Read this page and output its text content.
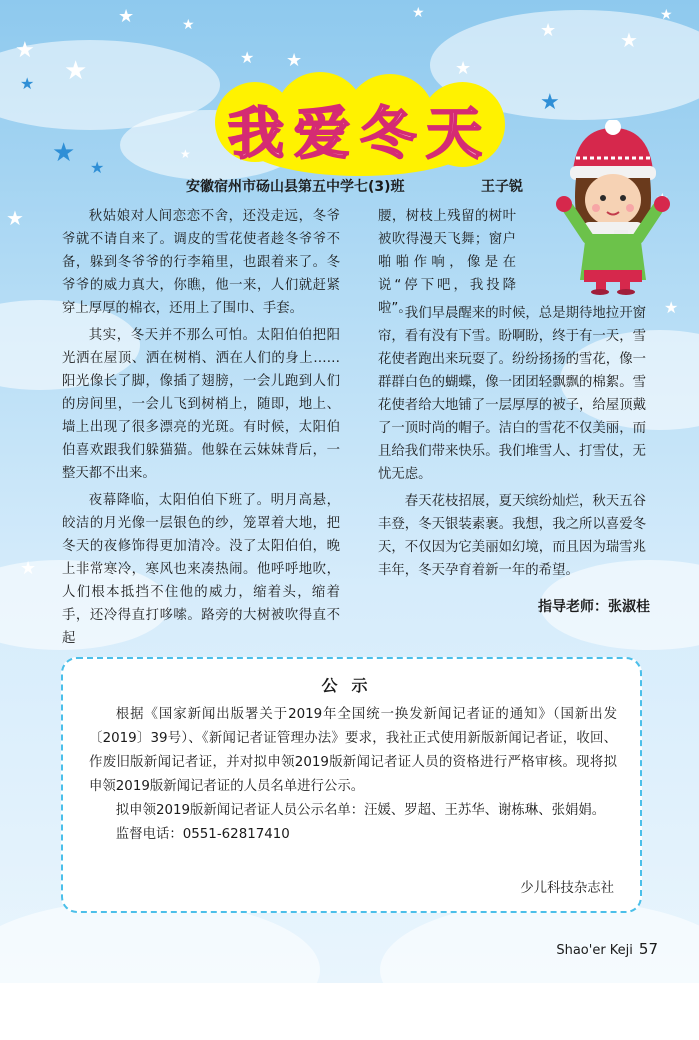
★
★
★	★
★ ★
★
★
★	★
★
★
★
★ ★
★
★
★
★
我爱冬天
安徽宿州市砀山县第五中学七(3)班	王子锐

秋姑娘对人间恋恋不舍，还没走远，冬爷爷就不请自来了。调皮的雪花使者趁冬爷爷不备，躲到冬爷爷的行李箱里，也跟着来了。冬爷爷的威力真大，你瞧，他一来，人们就赶紧穿上厚厚的棉衣，还用上了围巾、手套。

其实，冬天并不那么可怕。太阳伯伯把阳光洒在屋顶、洒在树梢、洒在人们的身上……阳光像长了脚，像插了翅膀，一会儿跑到人们的房间里，一会儿飞到树梢上，随即，地上、墙上出现了很多漂亮的光斑。有时候，太阳伯伯喜欢跟我们躲猫猫。他躲在云妹妹背后，一整天都不出来。

夜幕降临，太阳伯伯下班了。明月高悬，皎洁的月光像一层银色的纱，笼罩着大地，把冬天的夜修饰得更加清冷。没了太阳伯伯，晚上非常寒冷，寒风也来凑热闹。他呼呼地吹，人们根本抵挡不住他的威力，缩着头，缩着手，还冷得直打哆嗦。路旁的大树被吹得直不起

腰，树枝上残留的树叶被吹得漫天飞舞；窗户啪啪作响，像是在说“停下吧，我投降啦”。

我们早晨醒来的时候，总是期待地拉开窗帘，看有没有下雪。盼啊盼，终于有一天，雪花使者跑出来玩耍了。纷纷扬扬的雪花，像一群群白色的蝴蝶，像一团团轻飘飘的棉絮。雪花使者给大地铺了一层厚厚的被子，给屋顶戴了一顶时尚的帽子。洁白的雪花不仅美丽，而且给我们带来快乐。我们堆雪人、打雪仗，无忧无虑。

春天花枝招展，夏天缤纷灿烂，秋天五谷丰登，冬天银装素裹。我想，我之所以喜爱冬天，不仅因为它美丽如幻境，而且因为瑞雪兆丰年，冬天孕育着新一年的希望。

指导老师：张淑桂
公示

根据《国家新闻出版署关于2019年全国统一换发新闻记者证的通知》（国新出发〔2019〕39号）、《新闻记者证管理办法》要求，我社正式使用新版新闻记者证，收回、作废旧版新闻记者证，并对拟申领2019版新闻记者证人员的资格进行严格审核。现将拟申领2019版新闻记者证的人员名单进行公示。

拟申领2019版新闻记者证人员公示名单：汪媛、罗超、王苏华、谢栋琳、张娟娟。

监督电话：0551-62817410

少儿科技杂志社
Shao'er Keji 57
